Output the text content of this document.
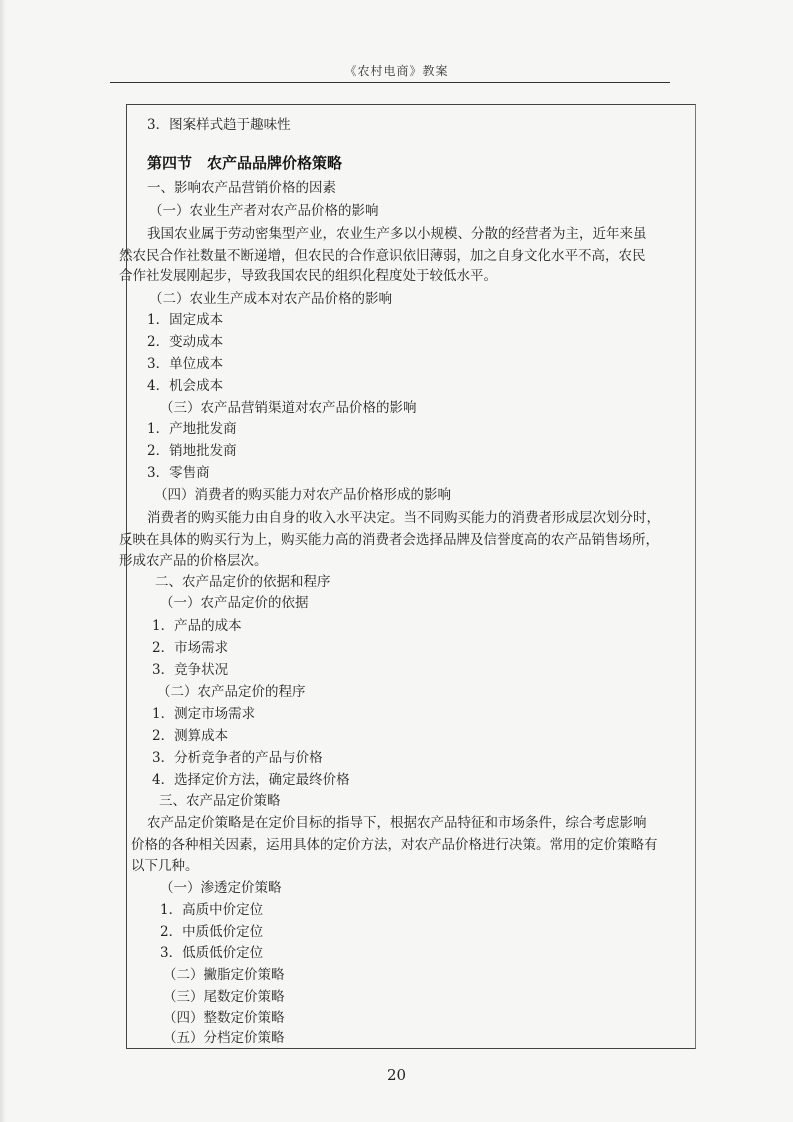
《农村电商》教案
3．图案样式趋于趣味性
第四节　农产品品牌价格策略
一、影响农产品营销价格的因素
（一）农业生产者对农产品价格的影响
我国农业属于劳动密集型产业，农业生产多以小规模、分散的经营者为主，近年来虽
然农民合作社数量不断递增，但农民的合作意识依旧薄弱，加之自身文化水平不高，农民
合作社发展刚起步，导致我国农民的组织化程度处于较低水平。
（二）农业生产成本对农产品价格的影响
1．固定成本
2．变动成本
3．单位成本
4．机会成本
（三）农产品营销渠道对农产品价格的影响
1．产地批发商
2．销地批发商
3．零售商
（四）消费者的购买能力对农产品价格形成的影响
消费者的购买能力由自身的收入水平决定。当不同购买能力的消费者形成层次划分时，
反映在具体的购买行为上，购买能力高的消费者会选择品牌及信誉度高的农产品销售场所，
形成农产品的价格层次。
二、农产品定价的依据和程序
（一）农产品定价的依据
1．产品的成本
2．市场需求
3．竞争状况
（二）农产品定价的程序
1．测定市场需求
2．测算成本
3．分析竞争者的产品与价格
4．选择定价方法，确定最终价格
三、农产品定价策略
农产品定价策略是在定价目标的指导下，根据农产品特征和市场条件，综合考虑影响
价格的各种相关因素，运用具体的定价方法，对农产品价格进行决策。常用的定价策略有
以下几种。
（一）渗透定价策略
1．高质中价定位
2．中质低价定位
3．低质低价定位
（二）撇脂定价策略
（三）尾数定价策略
（四）整数定价策略
（五）分档定价策略
20
